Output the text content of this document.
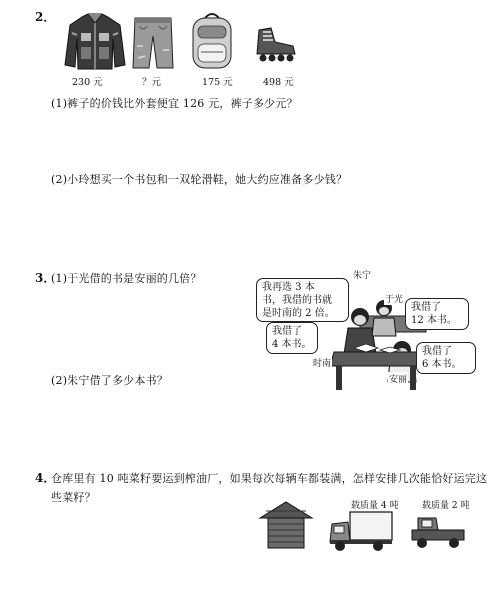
2．
230 元	？元	175 元	498 元
(1)裤子的价钱比外套便宜 126 元，裤子多少元？
(2)小玲想买一个书包和一双轮滑鞋，她大约应准备多少钱？
3．
(1)于光借的书是安丽的几倍？
(2)朱宁借了多少本书？
我再选 3 本
书，我借的书就
是时南的 2 倍。
我借了
12 本书。
我借了
4 本书。
我借了
6 本书。
朱宁
于光
时南
安丽
4．
仓库里有 10 吨菜籽要运到榨油厂，如果每次每辆车都装满，怎样安排几次能恰好运完这
些菜籽？
载质量 4 吨	载质量 2 吨
